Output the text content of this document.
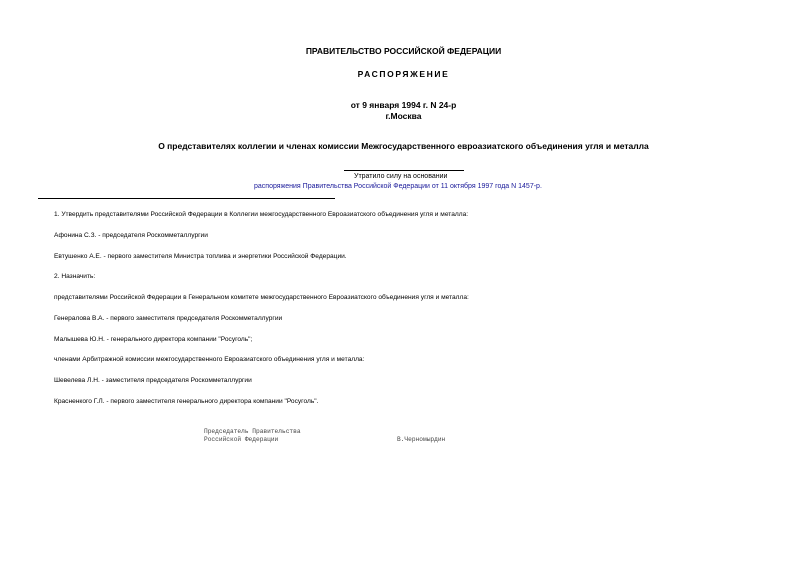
ПРАВИТЕЛЬСТВО РОССИЙСКОЙ ФЕДЕРАЦИИ
РАСПОРЯЖЕНИЕ
от 9 января 1994 г. N 24-р
г.Москва
О представителях коллегии и членах комиссии Межгосударственного евроазиатского объединения угля и металла
Утратило силу на основании
распоряжения Правительства Российской Федерации от 11 октября 1997 года N 1457-р.
1. Утвердить представителями Российской Федерации в Коллегии межгосударственного Евроазиатского объединения угля и металла:
Афонина С.З. - председателя Роскомметаллургии
Евтушенко А.Е. - первого заместителя Министра топлива и энергетики Российской Федерации.
2. Назначить:
представителями Российской Федерации в Генеральном комитете межгосударственного Евроазиатского объединения угля и металла:
Генералова В.А. - первого заместителя председателя Роскомметаллургии
Малышева Ю.Н. - генерального директора компании "Росуголь";
членами Арбитражной комиссии межгосударственного Евроазиатского объединения угля и металла:
Шевелева Л.Н. - заместителя председателя Роскомметаллургии
Красненкого Г.Л. - первого заместителя генерального директора компании "Росуголь".
Председатель Правительства
Российской Федерации	В.Черномырдин
